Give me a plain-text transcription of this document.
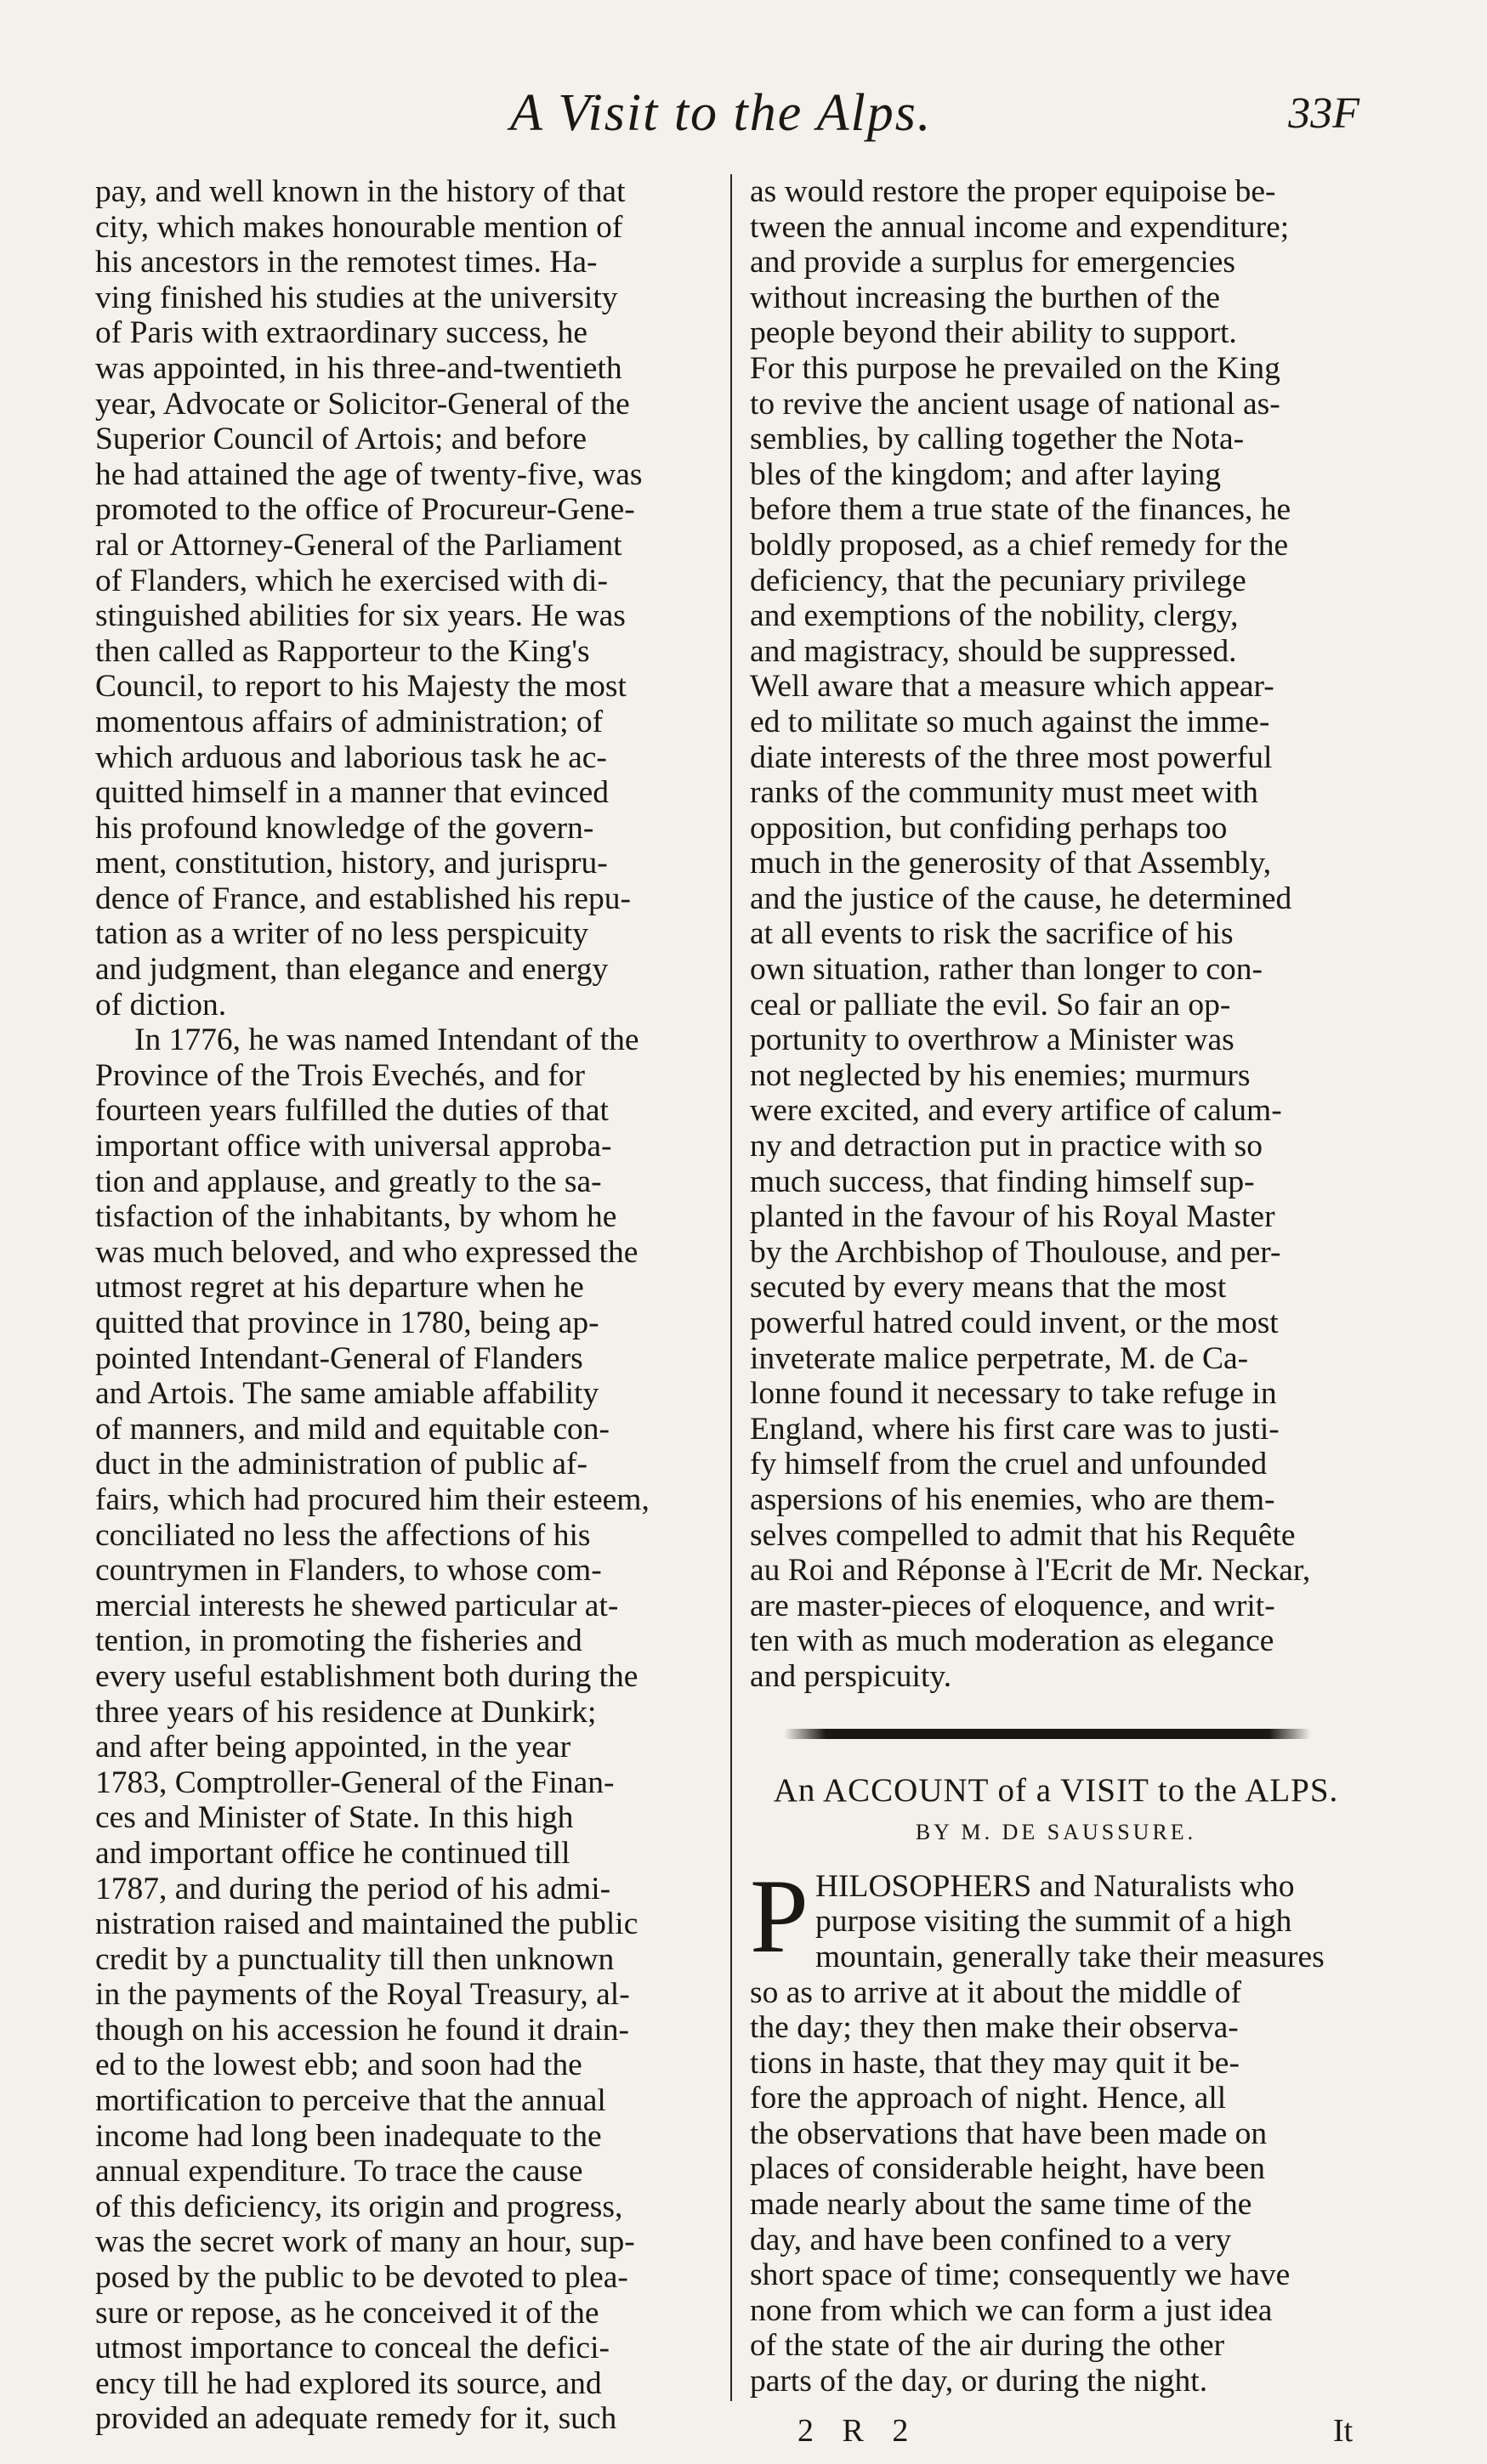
A Visit to the Alps.	33F
pay, and well known in the history of that
city, which makes honourable mention of
his ancestors in the remotest times. Ha-
ving finished his studies at the university
of Paris with extraordinary success, he
was appointed, in his three-and-twentieth
year, Advocate or Solicitor-General of the
Superior Council of Artois; and before
he had attained the age of twenty-five, was
promoted to the office of Procureur-Gene-
ral or Attorney-General of the Parliament
of Flanders, which he exercised with di-
stinguished abilities for six years. He was
then called as Rapporteur to the King's
Council, to report to his Majesty the most
momentous affairs of administration; of
which arduous and laborious task he ac-
quitted himself in a manner that evinced
his profound knowledge of the govern-
ment, constitution, history, and jurispru-
dence of France, and established his repu-
tation as a writer of no less perspicuity
and judgment, than elegance and energy
of diction.
In 1776, he was named Intendant of the
Province of the Trois Evechés, and for
fourteen years fulfilled the duties of that
important office with universal approba-
tion and applause, and greatly to the sa-
tisfaction of the inhabitants, by whom he
was much beloved, and who expressed the
utmost regret at his departure when he
quitted that province in 1780, being ap-
pointed Intendant-General of Flanders
and Artois. The same amiable affability
of manners, and mild and equitable con-
duct in the administration of public af-
fairs, which had procured him their esteem,
conciliated no less the affections of his
countrymen in Flanders, to whose com-
mercial interests he shewed particular at-
tention, in promoting the fisheries and
every useful establishment both during the
three years of his residence at Dunkirk;
and after being appointed, in the year
1783, Comptroller-General of the Finan-
ces and Minister of State. In this high
and important office he continued till
1787, and during the period of his admi-
nistration raised and maintained the public
credit by a punctuality till then unknown
in the payments of the Royal Treasury, al-
though on his accession he found it drain-
ed to the lowest ebb; and soon had the
mortification to perceive that the annual
income had long been inadequate to the
annual expenditure. To trace the cause
of this deficiency, its origin and progress,
was the secret work of many an hour, sup-
posed by the public to be devoted to plea-
sure or repose, as he conceived it of the
utmost importance to conceal the defici-
ency till he had explored its source, and
provided an adequate remedy for it, such
as would restore the proper equipoise be-
tween the annual income and expenditure;
and provide a surplus for emergencies
without increasing the burthen of the
people beyond their ability to support.
For this purpose he prevailed on the King
to revive the ancient usage of national as-
semblies, by calling together the Nota-
bles of the kingdom; and after laying
before them a true state of the finances, he
boldly proposed, as a chief remedy for the
deficiency, that the pecuniary privilege
and exemptions of the nobility, clergy,
and magistracy, should be suppressed.
Well aware that a measure which appear-
ed to militate so much against the imme-
diate interests of the three most powerful
ranks of the community must meet with
opposition, but confiding perhaps too
much in the generosity of that Assembly,
and the justice of the cause, he determined
at all events to risk the sacrifice of his
own situation, rather than longer to con-
ceal or palliate the evil. So fair an op-
portunity to overthrow a Minister was
not neglected by his enemies; murmurs
were excited, and every artifice of calum-
ny and detraction put in practice with so
much success, that finding himself sup-
planted in the favour of his Royal Master
by the Archbishop of Thoulouse, and per-
secuted by every means that the most
powerful hatred could invent, or the most
inveterate malice perpetrate, M. de Ca-
lonne found it necessary to take refuge in
England, where his first care was to justi-
fy himself from the cruel and unfounded
aspersions of his enemies, who are them-
selves compelled to admit that his Requête
au Roi and Réponse à l'Ecrit de Mr. Neckar,
are master-pieces of eloquence, and writ-
ten with as much moderation as elegance
and perspicuity.
An ACCOUNT of a VISIT to the ALPS.
BY M. DE SAUSSURE.
P HILOSOPHERS and Naturalists who
purpose visiting the summit of a high
mountain, generally take their measures
so as to arrive at it about the middle of
the day; they then make their observa-
tions in haste, that they may quit it be-
fore the approach of night. Hence, all
the observations that have been made on
places of considerable height, have been
made nearly about the same time of the
day, and have been confined to a very
short space of time; consequently we have
none from which we can form a just idea
of the state of the air during the other
parts of the day, or during the night.
2 R 2	It
